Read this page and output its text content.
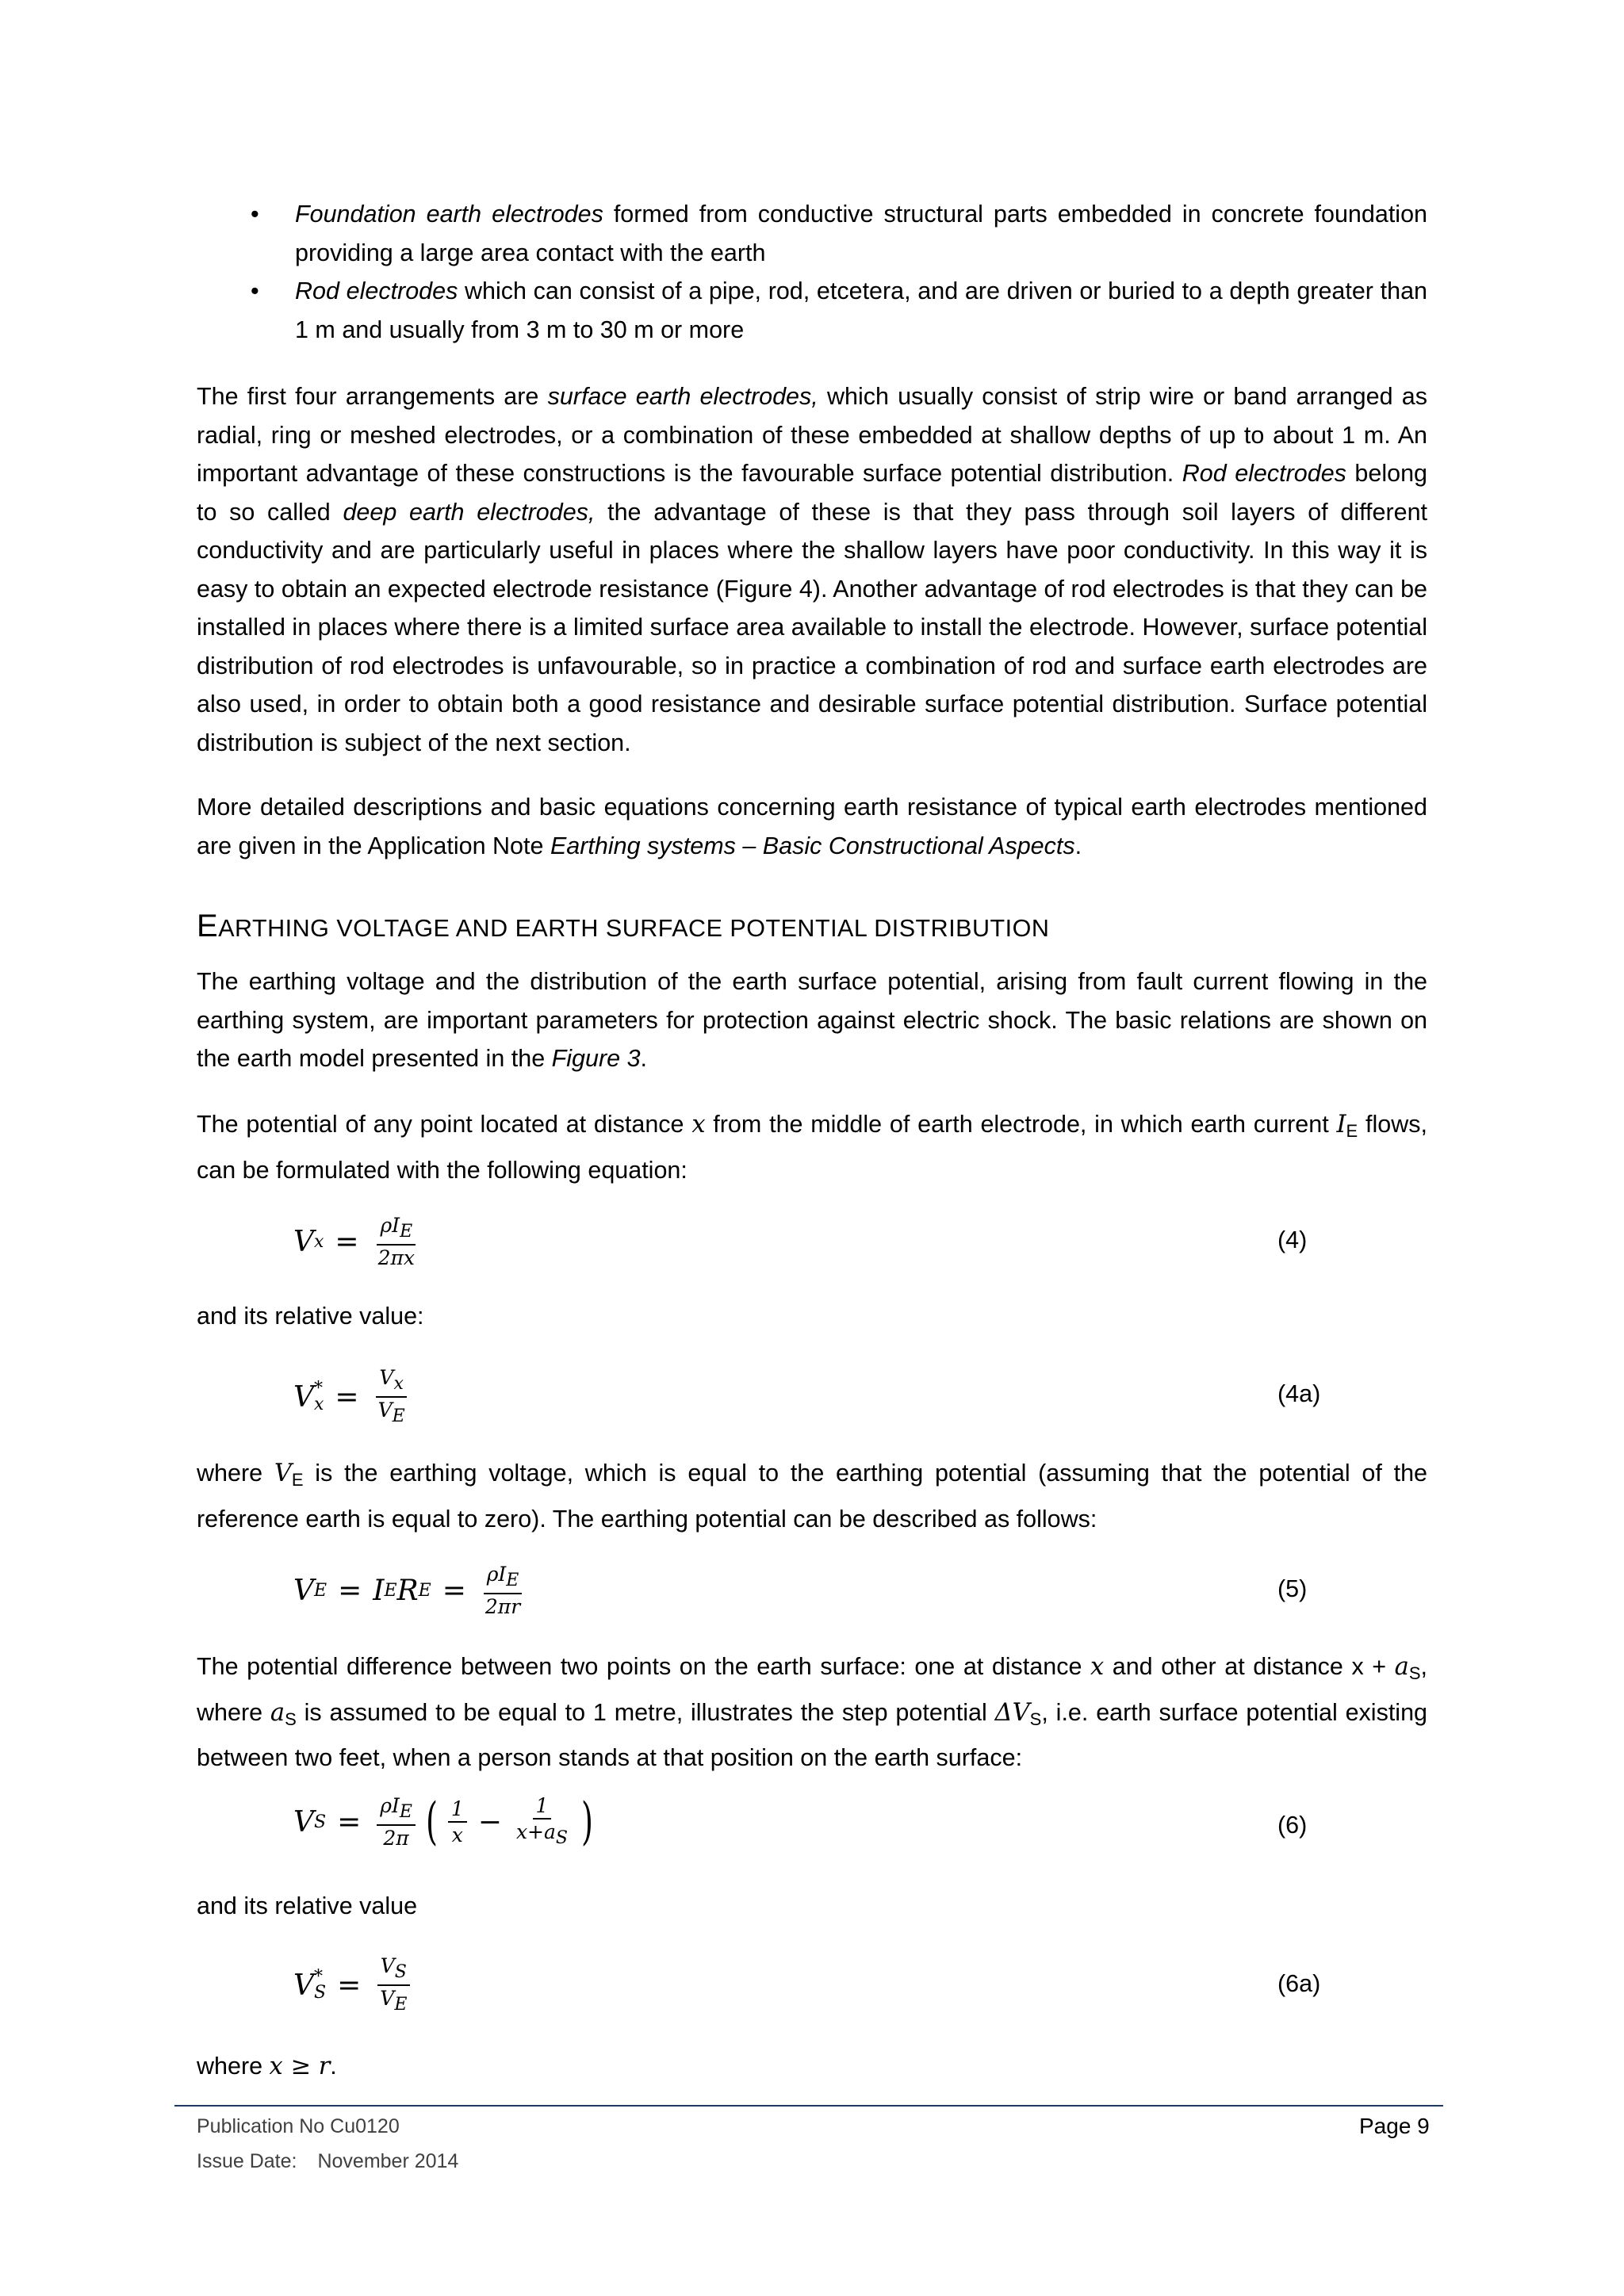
• Foundation earth electrodes formed from conductive structural parts embedded in concrete foundation providing a large area contact with the earth

• Rod electrodes which can consist of a pipe, rod, etcetera, and are driven or buried to a depth greater than 1 m and usually from 3 m to 30 m or more

The first four arrangements are surface earth electrodes, which usually consist of strip wire or band arranged as radial, ring or meshed electrodes, or a combination of these embedded at shallow depths of up to about 1 m. An important advantage of these constructions is the favourable surface potential distribution. Rod electrodes belong to so called deep earth electrodes, the advantage of these is that they pass through soil layers of different conductivity and are particularly useful in places where the shallow layers have poor conductivity. In this way it is easy to obtain an expected electrode resistance (Figure 4). Another advantage of rod electrodes is that they can be installed in places where there is a limited surface area available to install the electrode. However, surface potential distribution of rod electrodes is unfavourable, so in practice a combination of rod and surface earth electrodes are also used, in order to obtain both a good resistance and desirable surface potential distribution. Surface potential distribution is subject of the next section.

More detailed descriptions and basic equations concerning earth resistance of typical earth electrodes mentioned are given in the Application Note Earthing systems – Basic Constructional Aspects.

EARTHING VOLTAGE AND EARTH SURFACE POTENTIAL DISTRIBUTION

The earthing voltage and the distribution of the earth surface potential, arising from fault current flowing in the earthing system, are important parameters for protection against electric shock. The basic relations are shown on the earth model presented in the Figure 3.

The potential of any point located at distance x from the middle of earth electrode, in which earth current $I_E$ flows, can be formulated with the following equation:

V $x = \frac{\text{ρIE}}{2\pi x}$	(4)

and its relative value:

V *
$x = \frac{Vx}{VE}$	(4a)

where $V_E$ is the earthing voltage, which is equal to the earthing potential (assuming that the potential of the reference earth is equal to zero). The earthing potential can be described as follows:

V E = I E R $E = \frac{\text{ρIE}}{2\pi r}$	(5)

The potential difference between two points on the earth surface: one at distance x and other at distance $x + a_S$, where $a_S$ is assumed to be equal to 1 metre, illustrates the step potential $\Delta V_S$, i.e. earth surface potential existing between two feet, when a person stands at that position on the earth surface:

V $S = \frac{\text{ρIE}}{2\pi}$ ( $\frac{1}{x} - \frac{1}{x+aS}$ )	(6)

and its relative value

V *
$S = \frac{VS}{VE}$	(6a)

where x ≥ r.

Publication No Cu0120
Issue Date: November 2014
Page 9
